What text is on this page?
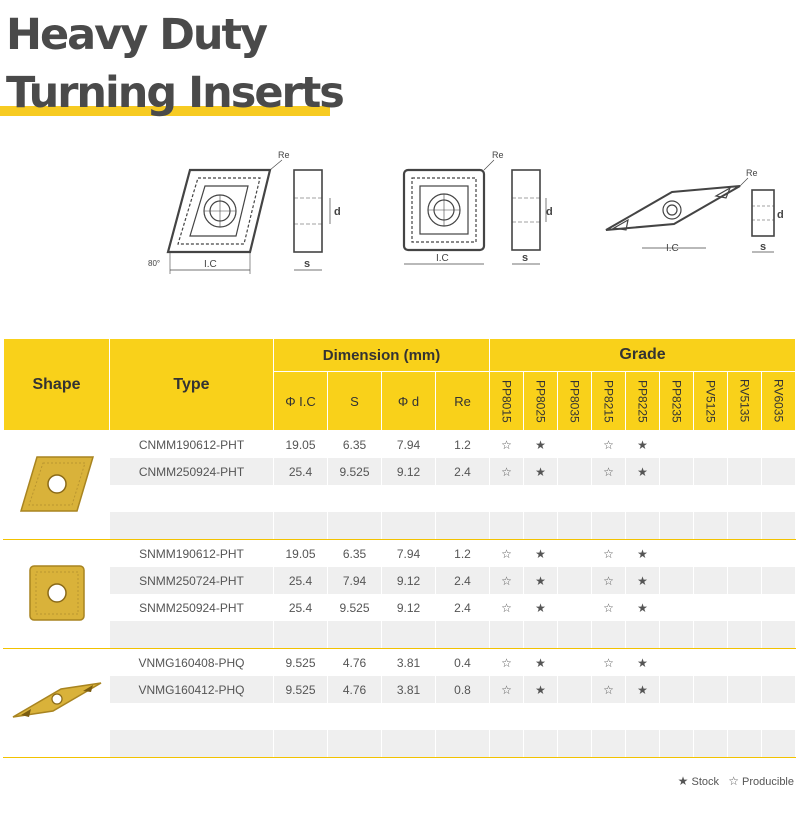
Heavy Duty
Turning Inserts
Re
I.C
80°	s
d
Re
I.C	s
d
Re
I.C	s
d
Shape	Type	Dimension (mm)				Grade								
		Φ I.C	S	Φ d	Re	PP8015	PP8025	PP8035	PP8215	PP8225	PP8235	PV5125	RV5135	RV6035

	CNMM190612-PHT	19.05	6.35	7.94	1.2	☆	★		☆	★				
	CNMM250924-PHT	25.4	9.525	9.12	2.4	☆	★		☆	★				

	SNMM190612-PHT	19.05	6.35	7.94	1.2	☆	★		☆	★				
	SNMM250724-PHT	25.4	7.94	9.12	2.4	☆	★		☆	★				
	SNMM250924-PHT	25.4	9.525	9.12	2.4	☆	★		☆	★				

	VNMG160408-PHQ	9.525	4.76	3.81	0.4	☆	★		☆	★				
	VNMG160412-PHQ	9.525	4.76	3.81	0.8	☆	★		☆	★				

★ Stock ☆ Producible
